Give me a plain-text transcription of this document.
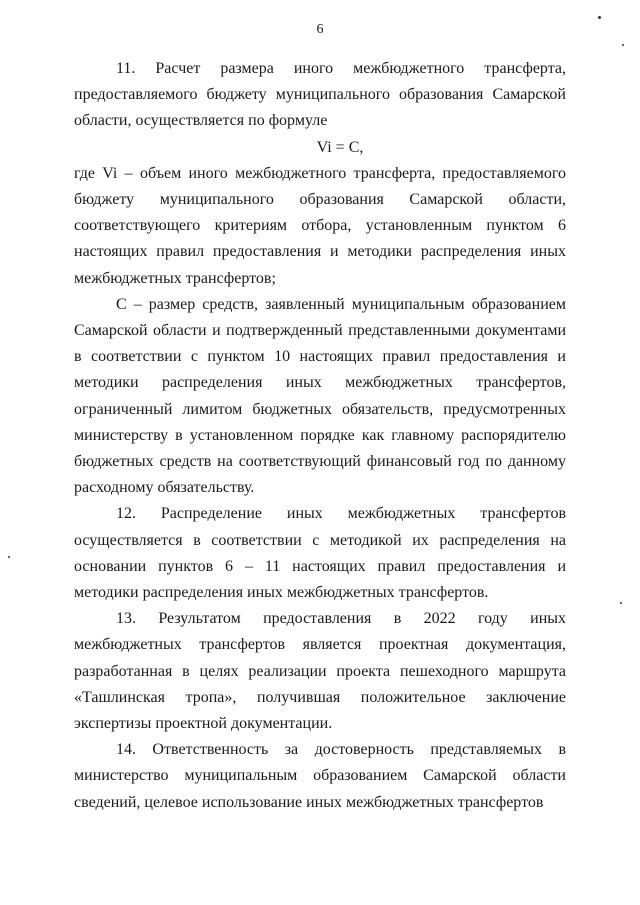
6

11. Расчет размера иного межбюджетного трансферта, предоставляемого бюджету муниципального образования Самарской области, осуществляется по формуле

Vi = C,

где Vi – объем иного межбюджетного трансферта, предоставляемого бюджету муниципального образования Самарской области, соответствующего критериям отбора, установленным пунктом 6 настоящих правил предоставления и методики распределения иных межбюджетных трансфертов;

С – размер средств, заявленный муниципальным образованием Самарской области и подтвержденный представленными документами в соответствии с пунктом 10 настоящих правил предоставления и методики распределения иных межбюджетных трансфертов, ограниченный лимитом бюджетных обязательств, предусмотренных министерству в установленном порядке как главному распорядителю бюджетных средств на соответствующий финансовый год по данному расходному обязательству.

12. Распределение иных межбюджетных трансфертов осуществляется в соответствии с методикой их распределения на основании пунктов 6 – 11 настоящих правил предоставления и методики распределения иных межбюджетных трансфертов.

13. Результатом предоставления в 2022 году иных межбюджетных трансфертов является проектная документация, разработанная в целях реализации проекта пешеходного маршрута «Ташлинская тропа», получившая положительное заключение экспертизы проектной документации.

14. Ответственность за достоверность представляемых в министерство муниципальным образованием Самарской области сведений, целевое использование иных межбюджетных трансфертов
